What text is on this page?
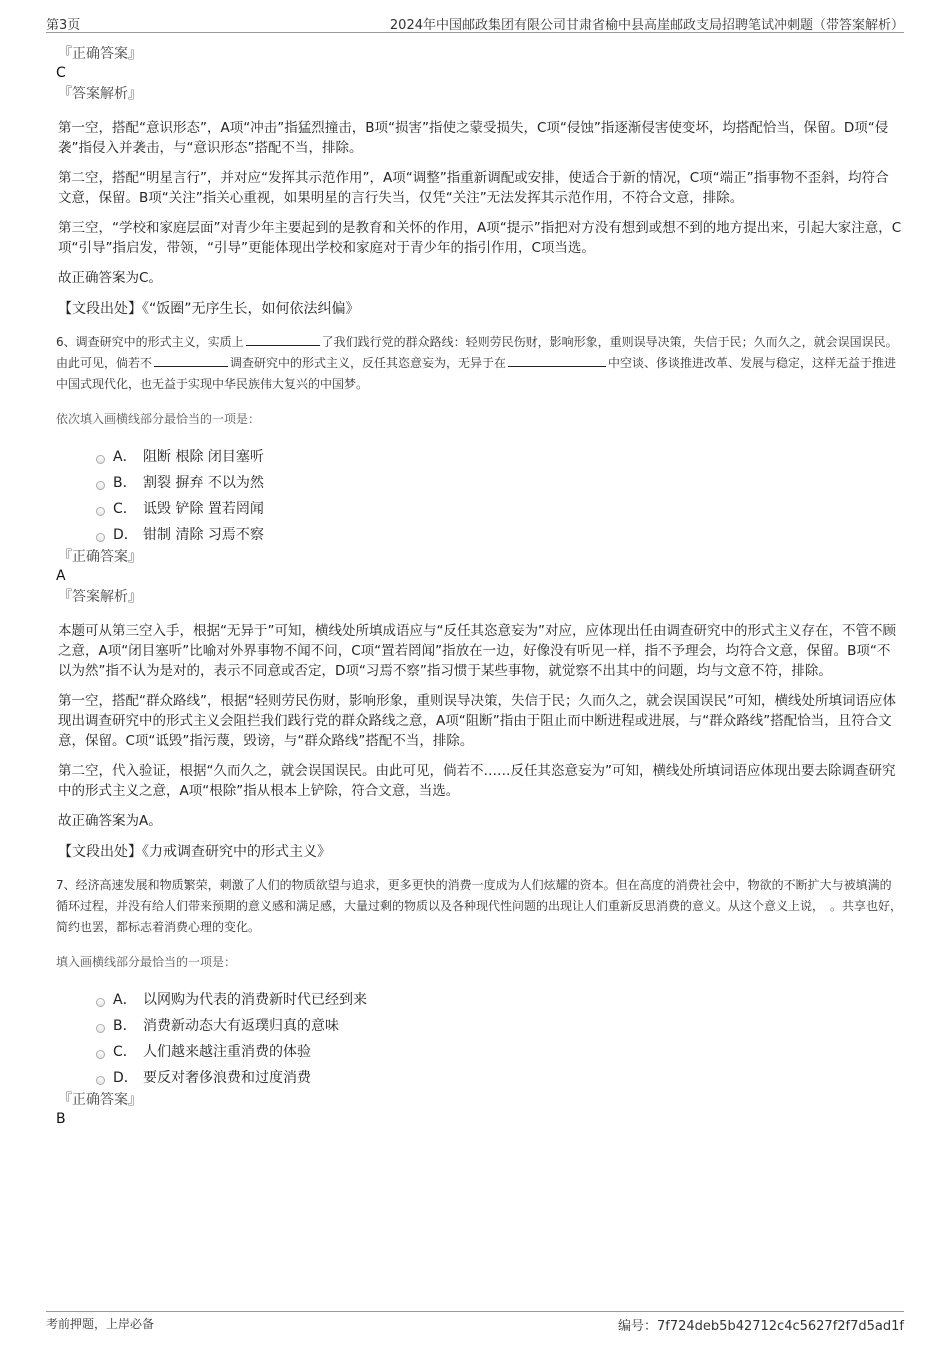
第3页	2024年中国邮政集团有限公司甘肃省榆中县高崖邮政支局招聘笔试冲刺题（带答案解析）
『正确答案』
C
『答案解析』

第一空，搭配“意识形态”，A项“冲击”指猛烈撞击，B项“损害”指使之蒙受损失，C项“侵蚀”指逐渐侵害使变坏，均搭配恰当，保留。D项“侵袭”指侵入并袭击，与“意识形态”搭配不当，排除。

第二空，搭配“明星言行”，并对应“发挥其示范作用”，A项“调整”指重新调配或安排，使适合于新的情况，C项“端正”指事物不歪斜，均符合文意，保留。B项“关注”指关心重视，如果明星的言行失当，仅凭“关注”无法发挥其示范作用，不符合文意，排除。

第三空，“学校和家庭层面”对青少年主要起到的是教育和关怀的作用，A项“提示”指把对方没有想到或想不到的地方提出来，引起大家注意，C项“引导”指启发，带领，“引导”更能体现出学校和家庭对于青少年的指引作用，C项当选。

故正确答案为C。

【文段出处】《“饭圈”无序生长，如何依法纠偏》
6、调查研究中的形式主义，实质上	了我们践行党的群众路线：轻则劳民伤财，影响形象，重则误导决策，失信于民；久而久之，就会误国误民。由此可见，倘若不	调查研究中的形式主义，反任其恣意妄为，无异于在	中空谈、侈谈推进改革、发展与稳定，这样无益于推进中国式现代化，也无益于实现中华民族伟大复兴的中国梦。
依次填入画横线部分最恰当的一项是：
A． 阻断 根除 闭目塞听
B． 割裂 摒弃 不以为然
C． 诋毁 铲除 置若罔闻
D． 钳制 清除 习焉不察
『正确答案』
A
『答案解析』

本题可从第三空入手，根据“无异于”可知，横线处所填成语应与“反任其恣意妄为”对应，应体现出任由调查研究中的形式主义存在，不管不顾之意，A项“闭目塞听”比喻对外界事物不闻不问，C项“置若罔闻”指放在一边，好像没有听见一样，指不予理会，均符合文意，保留。B项“不以为然”指不认为是对的，表示不同意或否定，D项“习焉不察”指习惯于某些事物，就觉察不出其中的问题，均与文意不符，排除。

第一空，搭配“群众路线”，根据“轻则劳民伤财，影响形象，重则误导决策，失信于民；久而久之，就会误国误民”可知，横线处所填词语应体现出调查研究中的形式主义会阻拦我们践行党的群众路线之意，A项“阻断”指由于阻止而中断进程或进展，与“群众路线”搭配恰当，且符合文意，保留。C项“诋毁”指污蔑，毁谤，与“群众路线”搭配不当，排除。

第二空，代入验证，根据“久而久之，就会误国误民。由此可见，倘若不……反任其恣意妄为”可知，横线处所填词语应体现出要去除调查研究中的形式主义之意，A项“根除”指从根本上铲除，符合文意，当选。

故正确答案为A。

【文段出处】《力戒调查研究中的形式主义》
7、经济高速发展和物质繁荣，刺激了人们的物质欲望与追求，更多更快的消费一度成为人们炫耀的资本。但在高度的消费社会中，物欲的不断扩大与被填满的循环过程，并没有给人们带来预期的意义感和满足感，大量过剩的物质以及各种现代性问题的出现让人们重新反思消费的意义。从这个意义上说，　。共享也好，简约也罢，都标志着消费心理的变化。
填入画横线部分最恰当的一项是：
A． 以网购为代表的消费新时代已经到来
B． 消费新动态大有返璞归真的意味
C． 人们越来越注重消费的体验
D． 要反对奢侈浪费和过度消费
『正确答案』
B
考前押题，上岸必备	编号：7f724deb5b42712c4c5627f2f7d5ad1f
